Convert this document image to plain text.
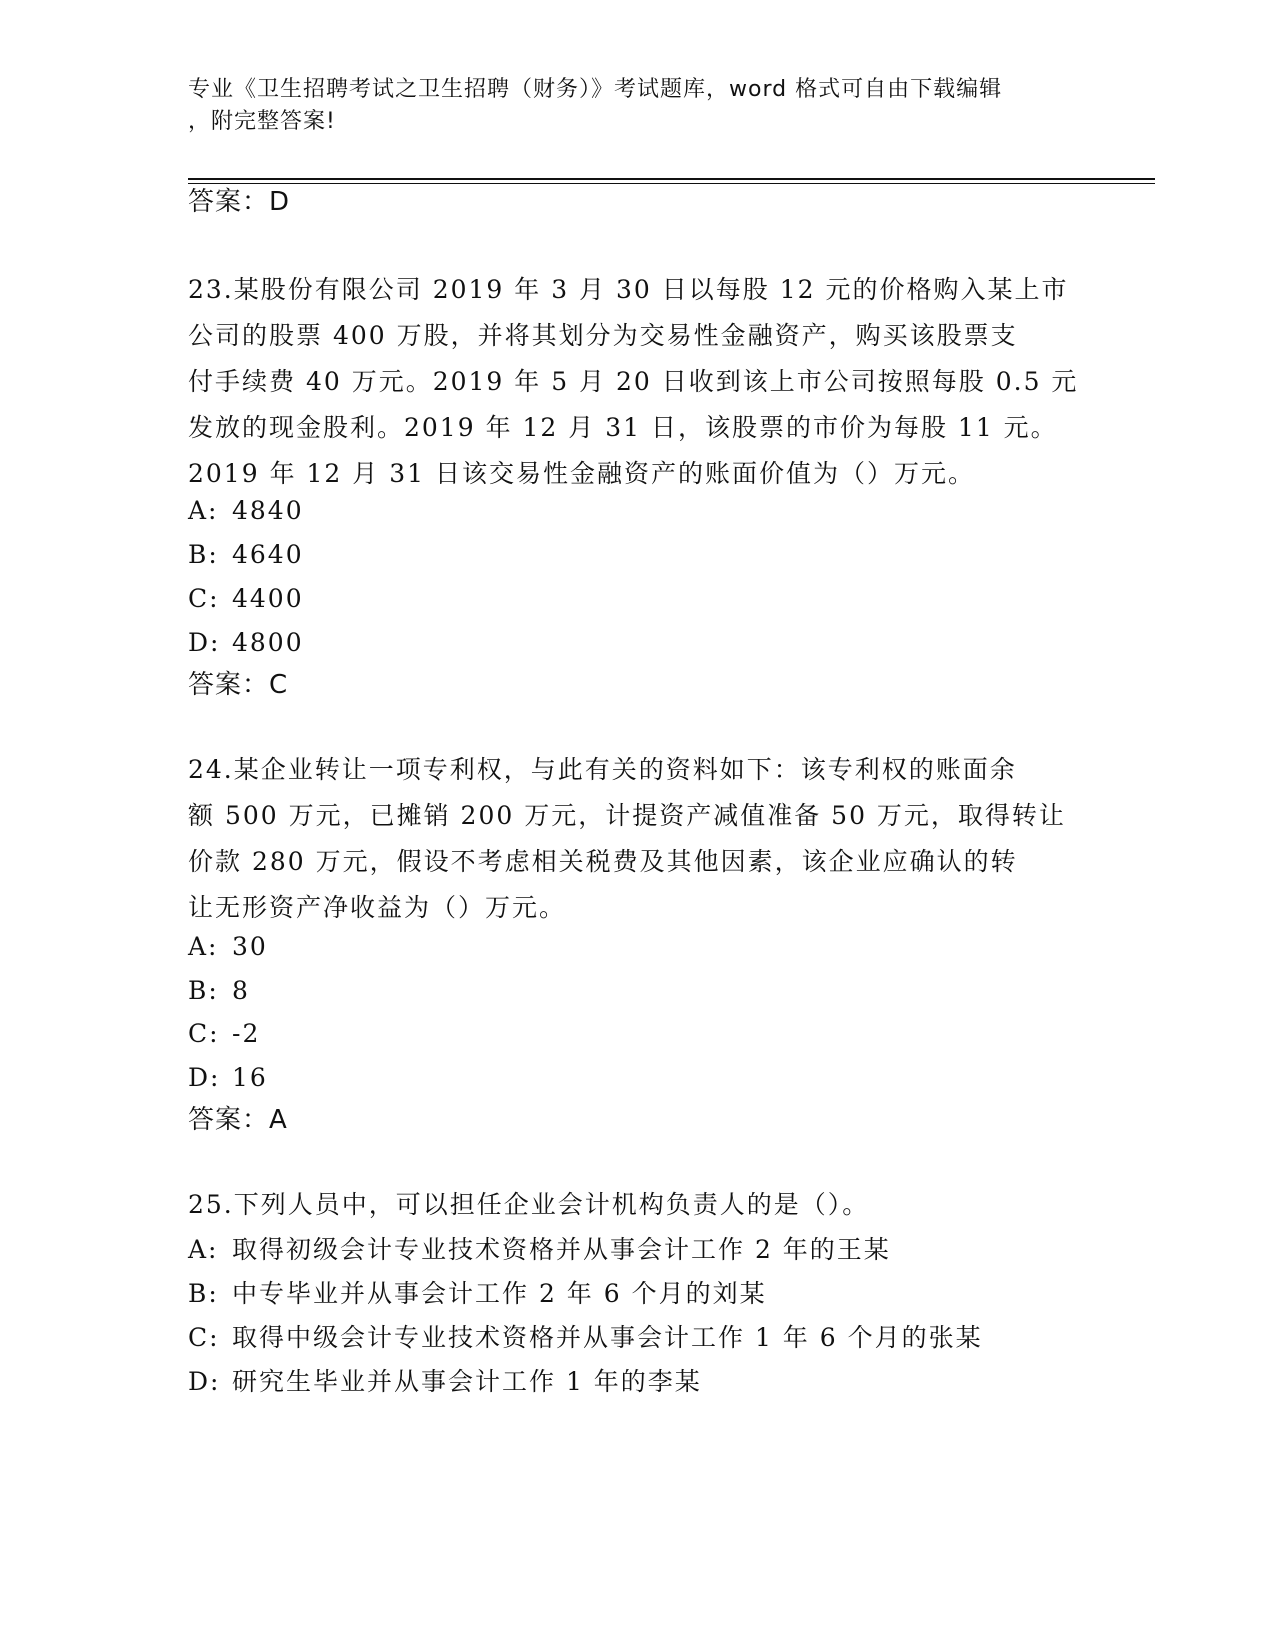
专业《卫生招聘考试之卫生招聘（财务）》考试题库，word 格式可自由下载编辑
，附完整答案!
答案：D
23.某股份有限公司 2019 年 3 月 30 日以每股 12 元的价格购入某上市
公司的股票 400 万股，并将其划分为交易性金融资产，购买该股票支
付手续费 40 万元。2019 年 5 月 20 日收到该上市公司按照每股 0.5 元
发放的现金股利。2019 年 12 月 31 日，该股票的市价为每股 11 元。
2019 年 12 月 31 日该交易性金融资产的账面价值为（）万元。
A: 4840
B: 4640
C: 4400
D: 4800
答案：C
24.某企业转让一项专利权，与此有关的资料如下：该专利权的账面余
额 500 万元，已摊销 200 万元，计提资产减值准备 50 万元，取得转让
价款 280 万元，假设不考虑相关税费及其他因素，该企业应确认的转
让无形资产净收益为（）万元。
A: 30
B: 8
C: -2
D: 16
答案：A
25.下列人员中，可以担任企业会计机构负责人的是（）。
A: 取得初级会计专业技术资格并从事会计工作 2 年的王某
B: 中专毕业并从事会计工作 2 年 6 个月的刘某
C: 取得中级会计专业技术资格并从事会计工作 1 年 6 个月的张某
D: 研究生毕业并从事会计工作 1 年的李某
